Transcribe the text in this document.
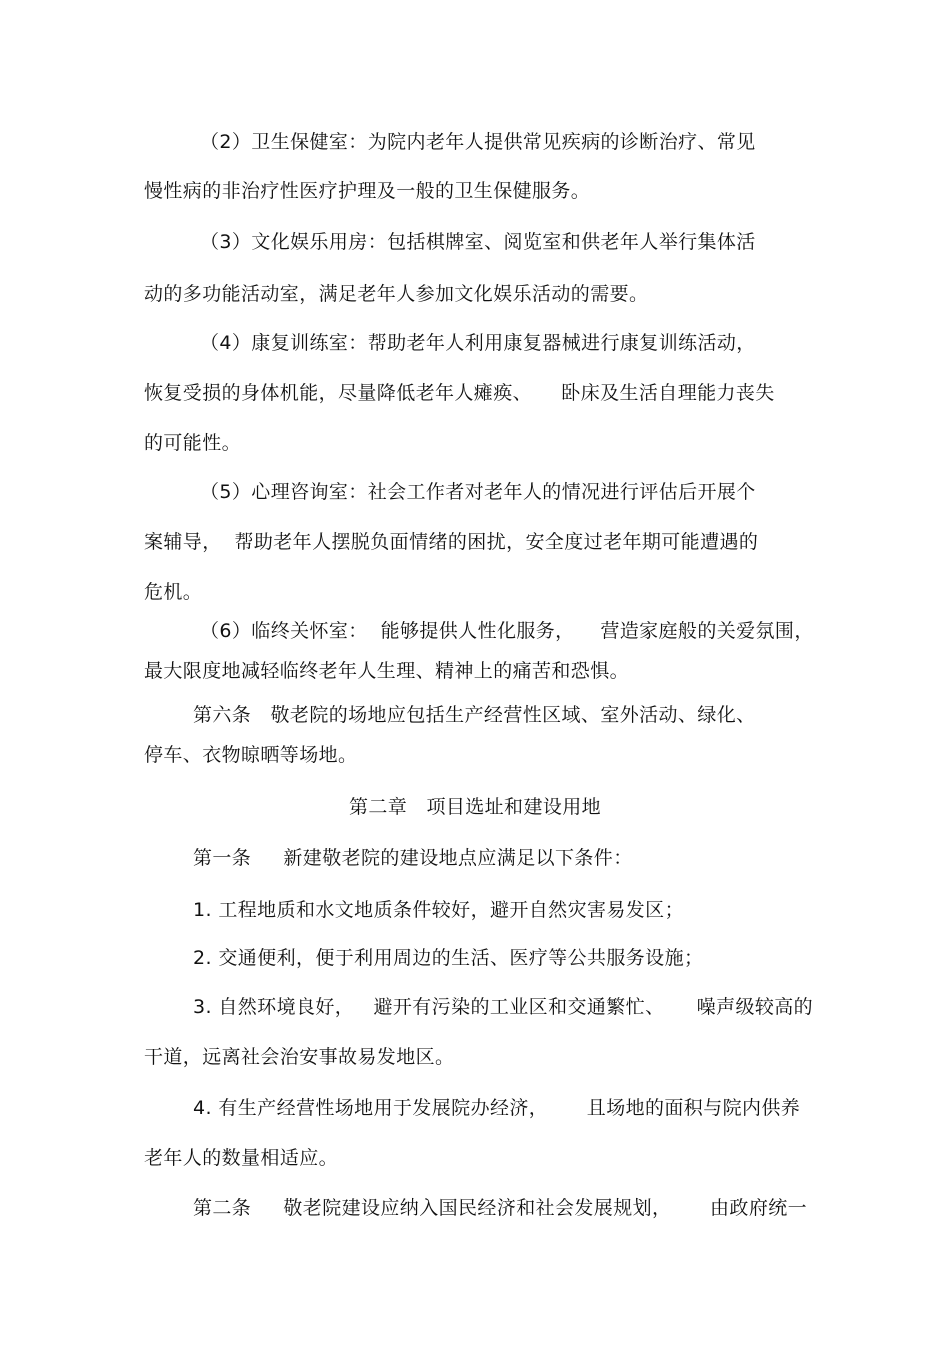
（2）卫生保健室：为院内老年人提供常见疾病的诊断治疗、常见
慢性病的非治疗性医疗护理及一般的卫生保健服务。
（3）文化娱乐用房：包括棋牌室、阅览室和供老年人举行集体活
动的多功能活动室，满足老年人参加文化娱乐活动的需要。
（4）康复训练室：帮助老年人利用康复器械进行康复训练活动，
恢复受损的身体机能，尽量降低老年人瘫痪、　　卧床及生活自理能力丧失
的可能性。
（5）心理咨询室：社会工作者对老年人的情况进行评估后开展个
案辅导，  帮助老年人摆脱负面情绪的困扰，安全度过老年期可能遭遇的
危机。
（6）临终关怀室：  能够提供人性化服务，    营造家庭般的关爱氛围，
最大限度地减轻临终老年人生理、精神上的痛苦和恐惧。
第六条   敬老院的场地应包括生产经营性区域、室外活动、绿化、
停车、衣物晾晒等场地。
第二章   项目选址和建设用地
第一条     新建敬老院的建设地点应满足以下条件：
1. 工程地质和水文地质条件较好，避开自然灾害易发区；
2. 交通便利，便于利用周边的生活、医疗等公共服务设施；
3. 自然环境良好，   避开有污染的工业区和交通繁忙、     噪声级较高的
干道，远离社会治安事故易发地区。
4. 有生产经营性场地用于发展院办经济，      且场地的面积与院内供养
老年人的数量相适应。
第二条     敬老院建设应纳入国民经济和社会发展规划，      由政府统一
